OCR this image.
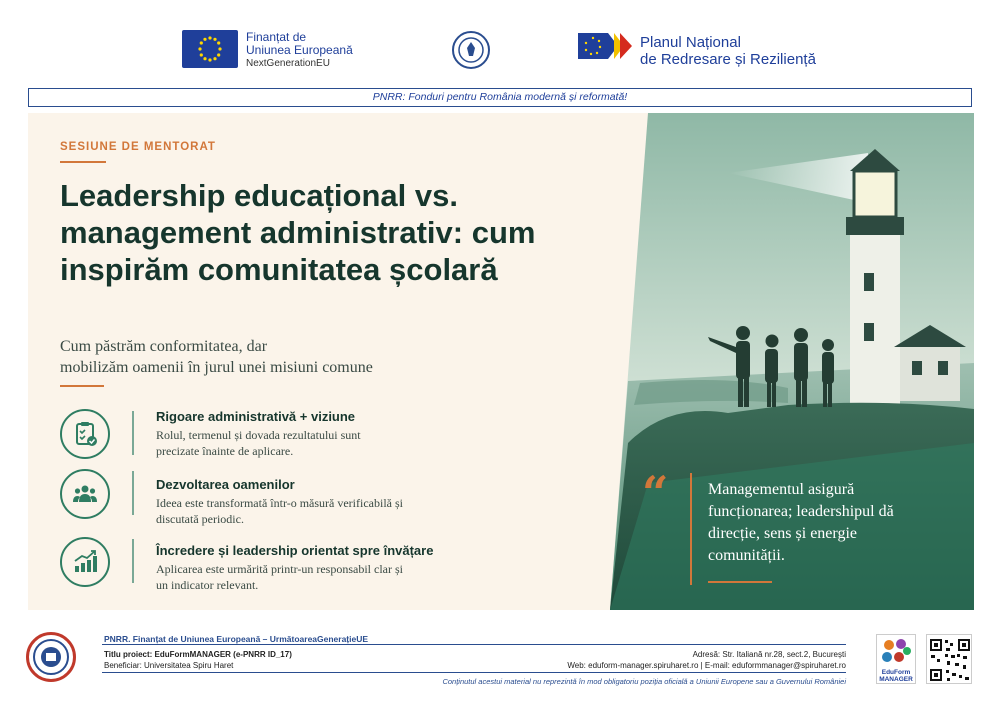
Finanțat de
Uniunea Europeană
NextGenerationEU
Planul Național
de Redresare și Reziliență
PNRR: Fonduri pentru România modernă și reformată!
SESIUNE DE MENTORAT
Leadership educațional vs. management administrativ: cum inspirăm comunitatea școlară
Cum păstrăm conformitatea, dar
mobilizăm oamenii în jurul unei misiuni comune
Rigoare administrativă + viziune
Rolul, termenul și dovada rezultatului sunt precizate înainte de aplicare.
Dezvoltarea oamenilor
Ideea este transformată într-o măsură verificabilă și discutată periodic.
Încredere și leadership orientat spre învățare
Aplicarea este urmărită printr-un responsabil clar și un indicator relevant.
“ Managementul asigură funcționarea; leadershipul dă direcție, sens și energie comunității.
PNRR. Finanțat de Uniunea Europeană – UrmătoareaGenerațieUE
Titlu proiect: EduFormMANAGER (e-PNRR ID_17)
Beneficiar: Universitatea Spiru Haret
Adresă: Str. Italiană nr.28, sect.2, București
Web: eduform-manager.spiruharet.ro | E-mail: eduformmanager@spiruharet.ro
Conținutul acestui material nu reprezintă în mod obligatoriu poziția oficială a Uniunii Europene sau a Guvernului României
EduForm
MANAGER
